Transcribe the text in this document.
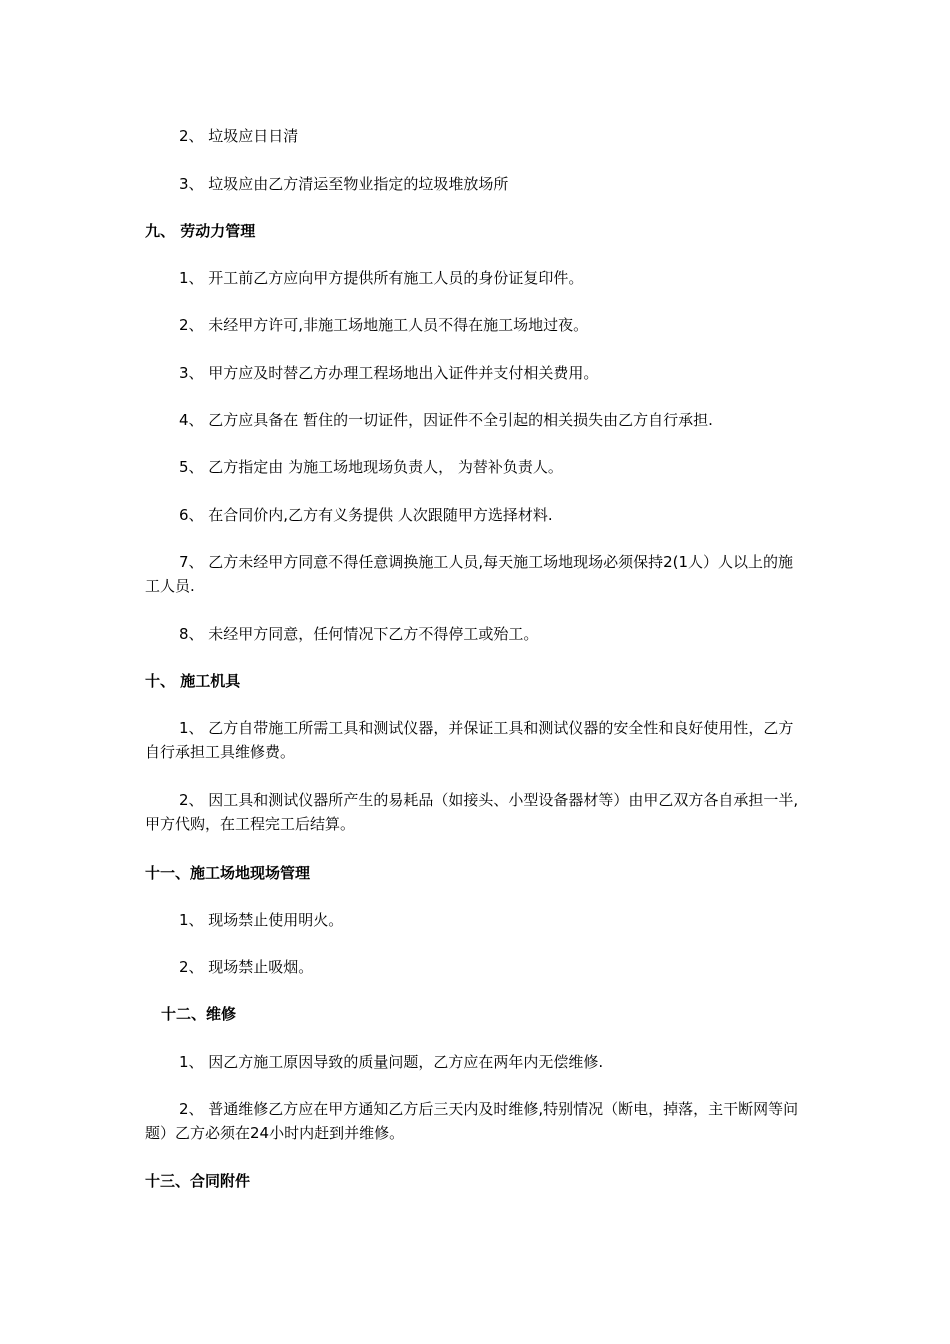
2、 垃圾应日日清
3、 垃圾应由乙方清运至物业指定的垃圾堆放场所
九、 劳动力管理
1、 开工前乙方应向甲方提供所有施工人员的身份证复印件。
2、 未经甲方许可,非施工场地施工人员不得在施工场地过夜。
3、 甲方应及时替乙方办理工程场地出入证件并支付相关费用。
4、 乙方应具备在 暂住的一切证件，因证件不全引起的相关损失由乙方自行承担.
5、 乙方指定由 为施工场地现场负责人， 为替补负责人。
6、 在合同价内,乙方有义务提供 人次跟随甲方选择材料.
7、 乙方未经甲方同意不得任意调换施工人员,每天施工场地现场必须保持2(1人）人以上的施工人员.
8、 未经甲方同意，任何情况下乙方不得停工或殆工。
十、 施工机具
1、 乙方自带施工所需工具和测试仪器，并保证工具和测试仪器的安全性和良好使用性，乙方自行承担工具维修费。
2、 因工具和测试仪器所产生的易耗品（如接头、小型设备器材等）由甲乙双方各自承担一半,甲方代购，在工程完工后结算。
十一、施工场地现场管理
1、 现场禁止使用明火。
2、 现场禁止吸烟。
十二、维修
1、 因乙方施工原因导致的质量问题，乙方应在两年内无偿维修.
2、 普通维修乙方应在甲方通知乙方后三天内及时维修,特别情况（断电，掉落，主干断网等问题）乙方必须在24小时内赶到并维修。
十三、合同附件
